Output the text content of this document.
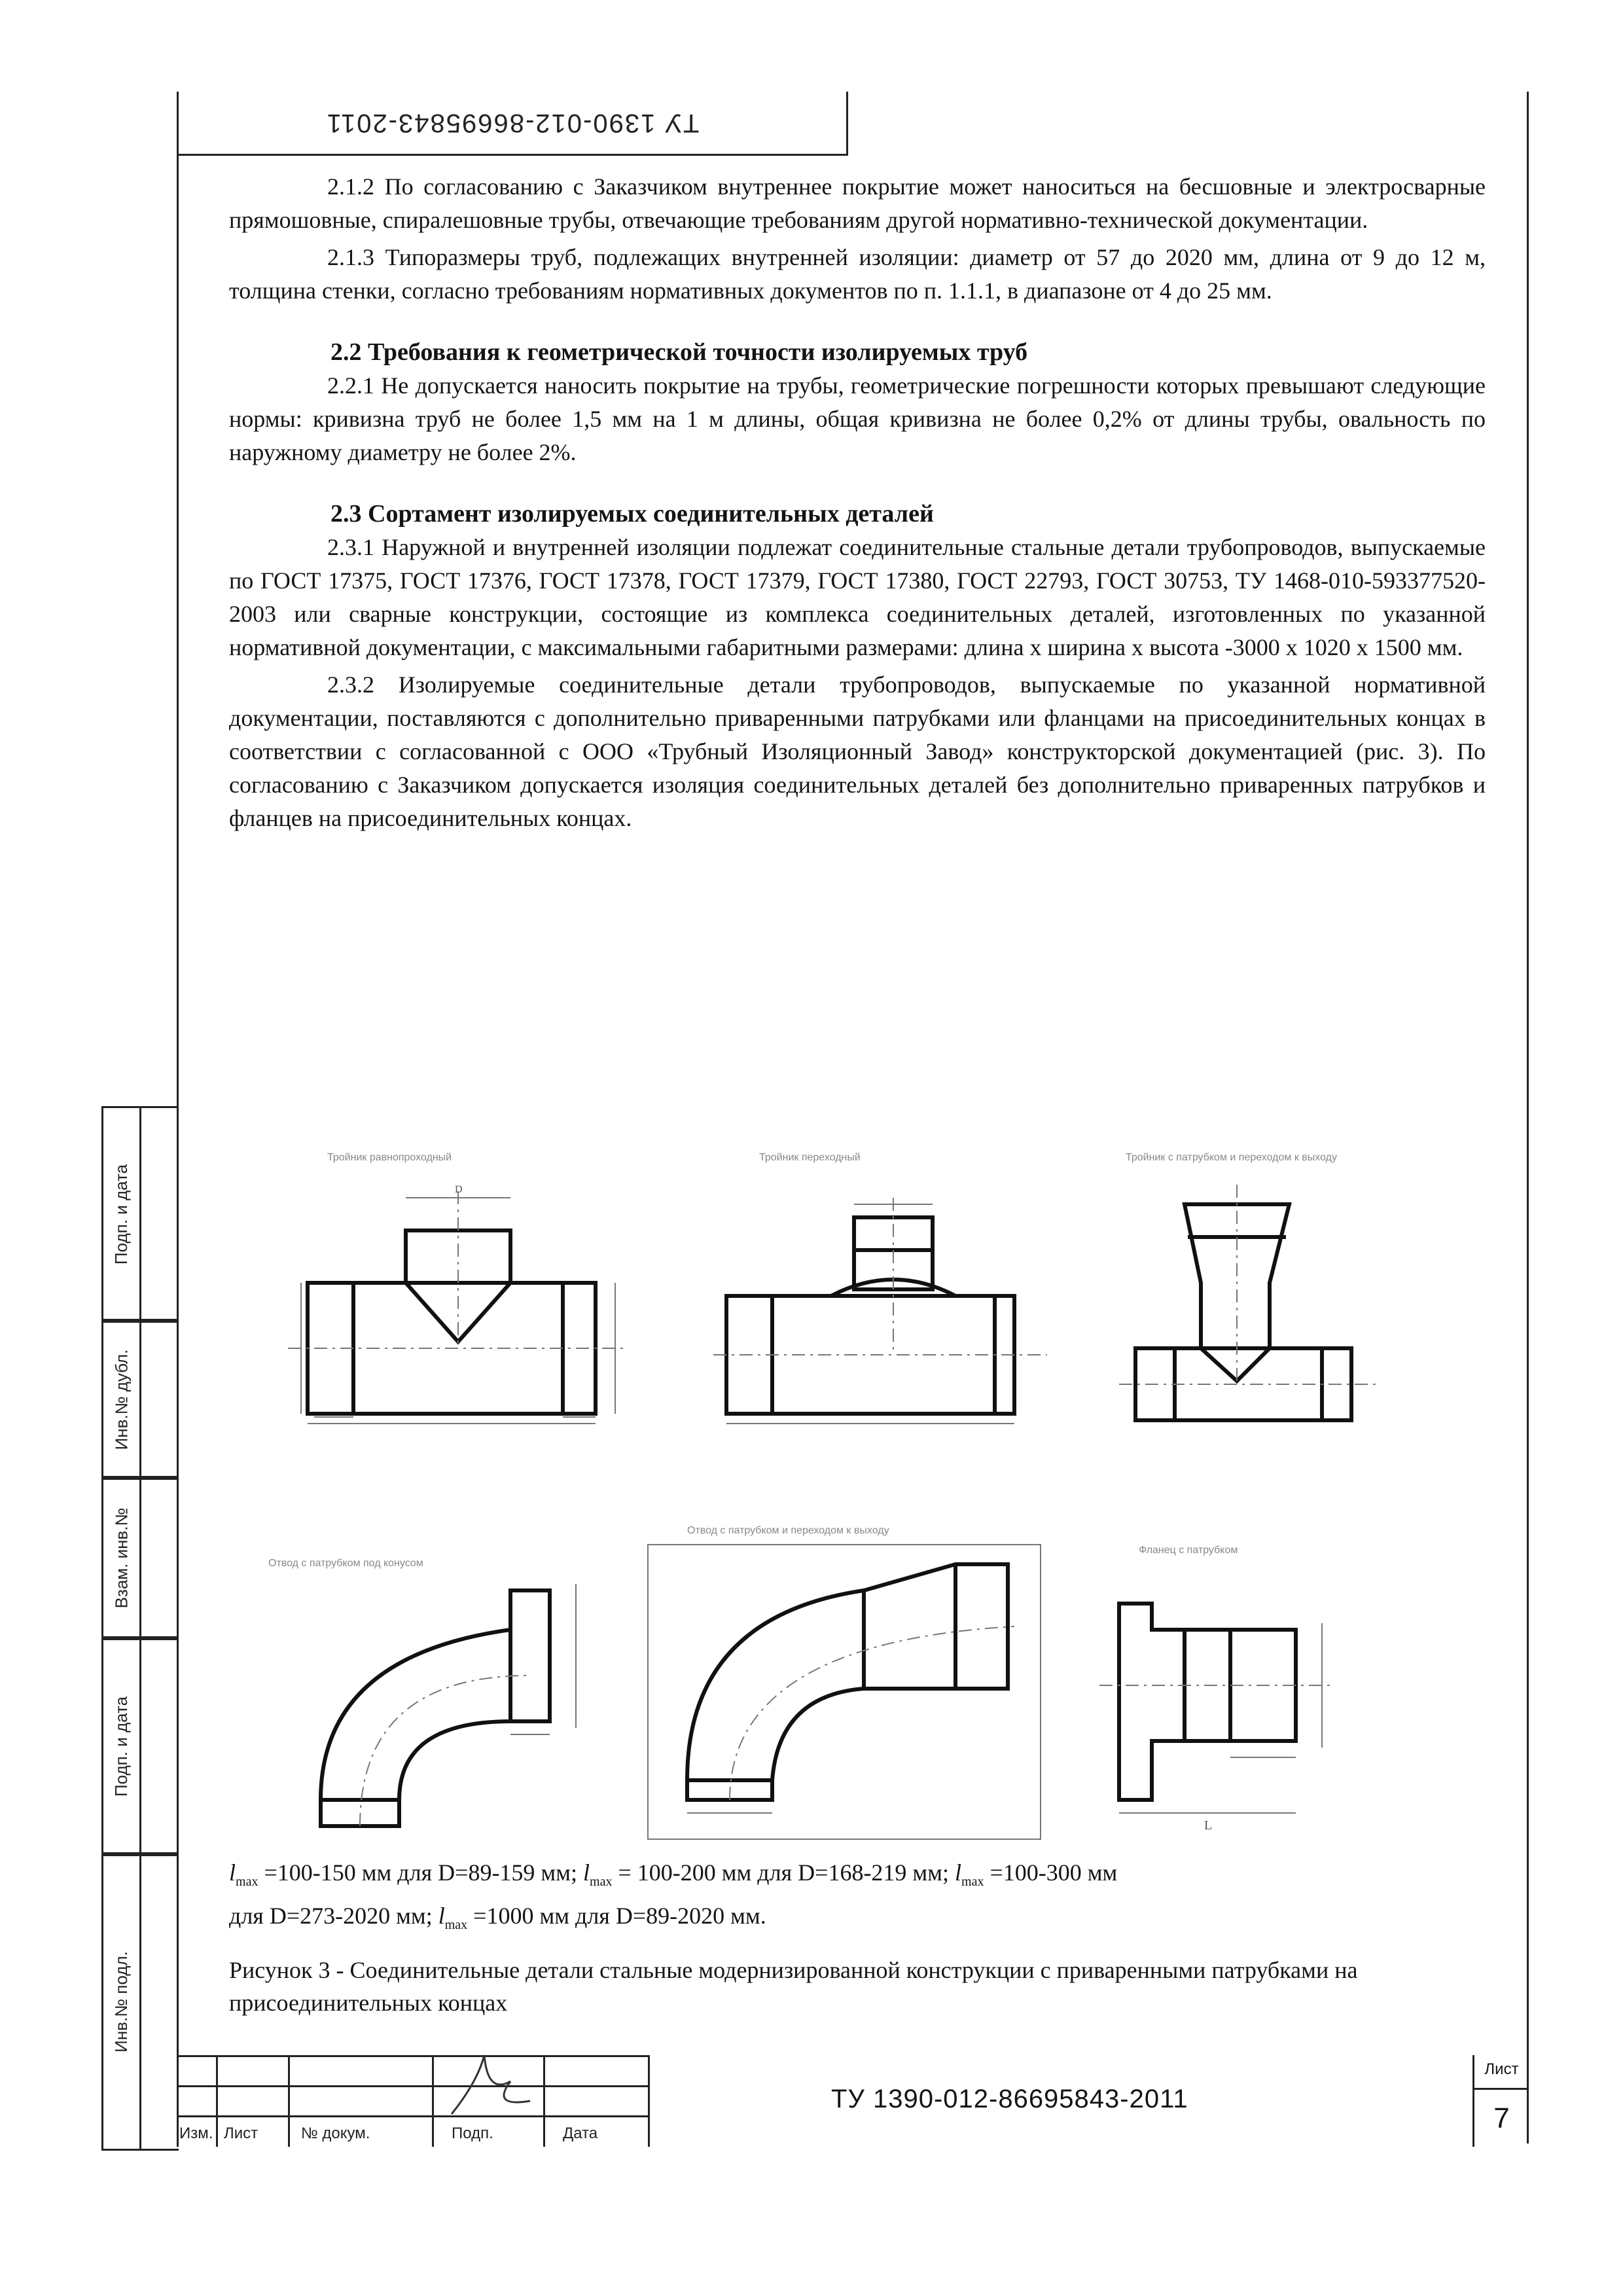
ТУ 1390-012-86695843-2011

2.1.2 По согласованию с Заказчиком внутреннее покрытие может наноситься на бесшовные и электросварные прямошовные, спиралешовные трубы, отвечающие требованиям другой нормативно-технической документации.

2.1.3 Типоразмеры труб, подлежащих внутренней изоляции: диаметр от 57 до 2020 мм, длина от 9 до 12 м, толщина стенки, согласно требованиям нормативных документов по п. 1.1.1, в диапазоне от 4 до 25 мм.

2.2 Требования к геометрической точности изолируемых труб

2.2.1 Не допускается наносить покрытие на трубы, геометрические погрешности которых превышают следующие нормы: кривизна труб не более 1,5 мм на 1 м длины, общая кривизна не более 0,2% от длины трубы, овальность по наружному диаметру не более 2%.

2.3 Сортамент изолируемых соединительных деталей

2.3.1 Наружной и внутренней изоляции подлежат соединительные стальные детали трубопроводов, выпускаемые по ГОСТ 17375, ГОСТ 17376, ГОСТ 17378, ГОСТ 17379, ГОСТ 17380, ГОСТ 22793, ГОСТ 30753, ТУ 1468-010-593377520-2003 или сварные конструкции, состоящие из комплекса соединительных деталей, изготовленных по указанной нормативной документации, с максимальными габаритными размерами: длина х ширина х высота -3000 х 1020 х 1500 мм.

2.3.2 Изолируемые соединительные детали трубопроводов, выпускаемые по указанной нормативной документации, поставляются с дополнительно приваренными патрубками или фланцами на присоединительных концах в соответствии с согласованной с ООО «Трубный Изоляционный Завод» конструкторской документацией (рис. 3). По согласованию с Заказчиком допускается изоляция соединительных деталей без дополнительно приваренных патрубков и фланцев на присоединительных концах.

Тройник равнопроходный
D
Тройник переходный	Тройник с патрубком и переходом к выходу
Отвод с патрубком под конусом
Отвод с патрубком и переходом к выходу
Фланец с патрубком
L
$l_{max} =100-150$ мм для D=89-159 мм; $l_{max} = 100-200$ мм для D=168-219 мм; $l_{max} =100-300$ мм
для D=273-2020 мм; $l_{max} =1000$ мм для D=89-2020 мм.
Рисунок 3 - Соединительные детали стальные модернизированной конструкции с приваренными патрубками на присоединительных концах
Подп. и дата
Инв.№ дубл.
Взам. инв.№
Подп. и дата
Инв.№ подл.
Изм. Лист	№ докум.	Подп.	Дата
ТУ 1390-012-86695843-2011
Лист
7
